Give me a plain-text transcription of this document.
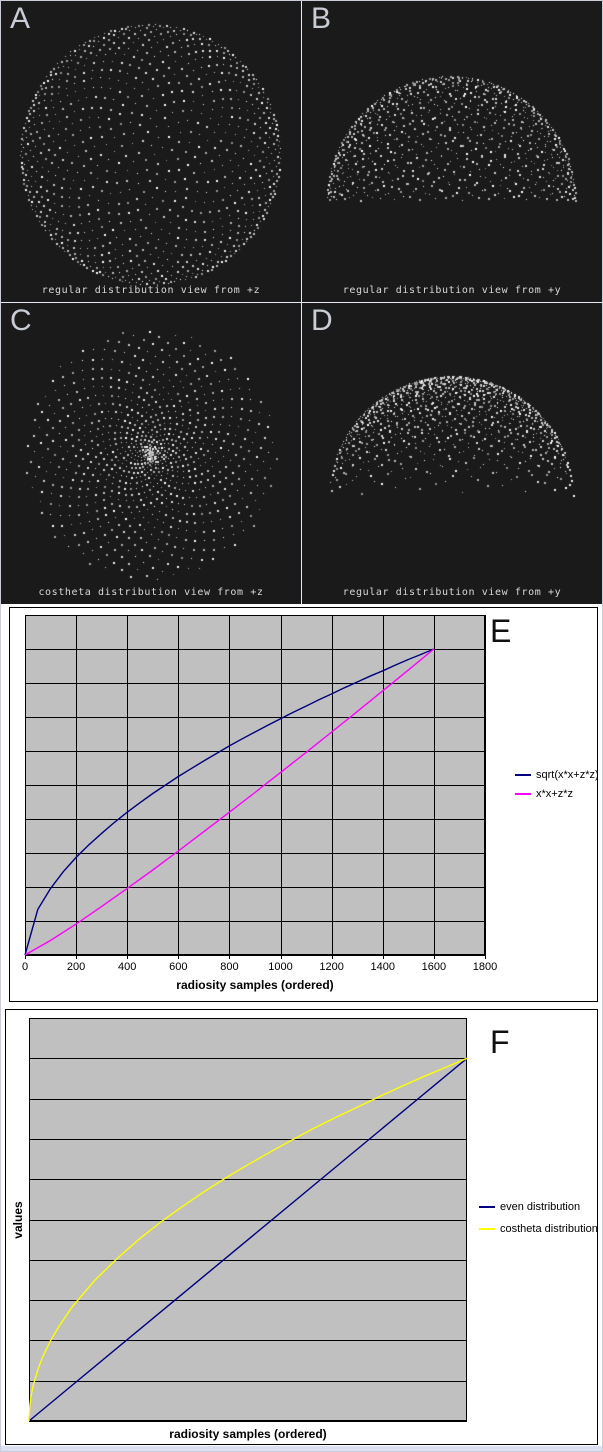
A
regular distribution view from +z
B
regular distribution view from +y
C
costheta distribution view from +z
D
regular distribution view from +y
0	200	400	600	800	1000	1200	1400	1600	1800
radiosity samples (ordered)
sqrt(x*x+z*z)
x*x+z*z
E
values
radiosity samples (ordered)
even distribution
costheta distribution
F
